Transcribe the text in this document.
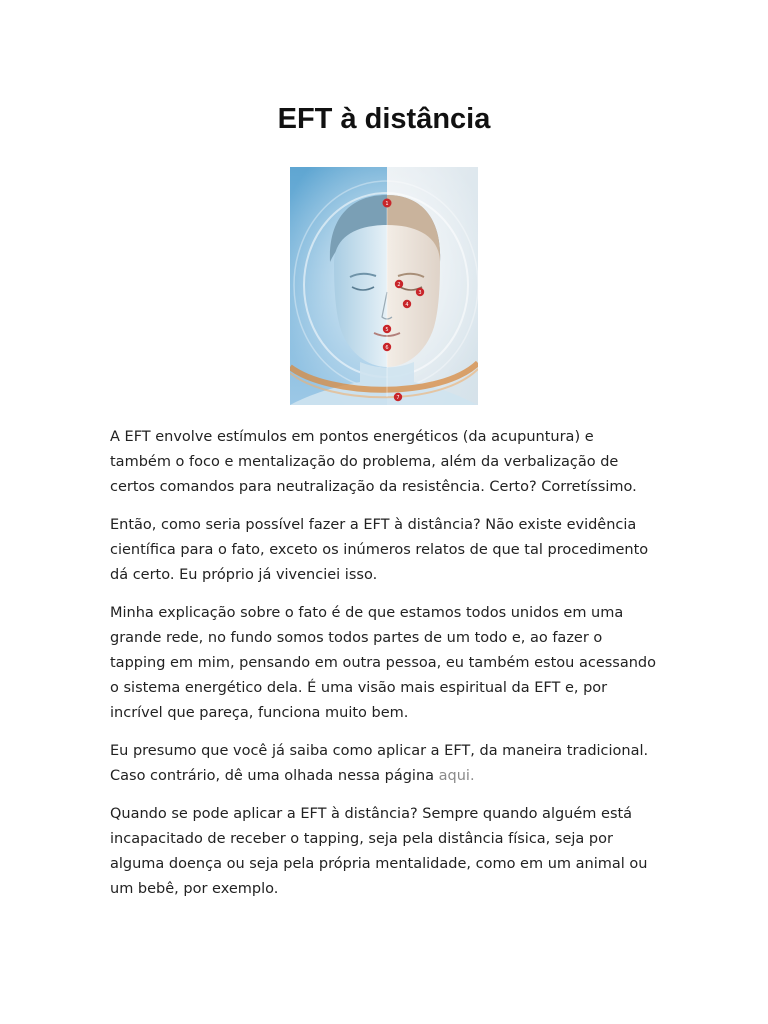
EFT à distância
1
2
3
4
5
6
7

A EFT envolve estímulos em pontos energéticos (da acupuntura) e também o foco e mentalização do problema, além da verbalização de certos comandos para neutralização da resistência. Certo? Corretíssimo.

Então, como seria possível fazer a EFT à distância? Não existe evidência científica para o fato, exceto os inúmeros relatos de que tal procedimento dá certo. Eu próprio já vivenciei isso.

Minha explicação sobre o fato é de que estamos todos unidos em uma grande rede, no fundo somos todos partes de um todo e, ao fazer o tapping em mim, pensando em outra pessoa, eu também estou acessando o sistema energético dela. É uma visão mais espiritual da EFT e, por incrível que pareça, funciona muito bem.

Eu presumo que você já saiba como aplicar a EFT, da maneira tradicional. Caso contrário, dê uma olhada nessa página aqui.

Quando se pode aplicar a EFT à distância? Sempre quando alguém está incapacitado de receber o tapping, seja pela distância física, seja por alguma doença ou seja pela própria mentalidade, como em um animal ou um bebê, por exemplo.
